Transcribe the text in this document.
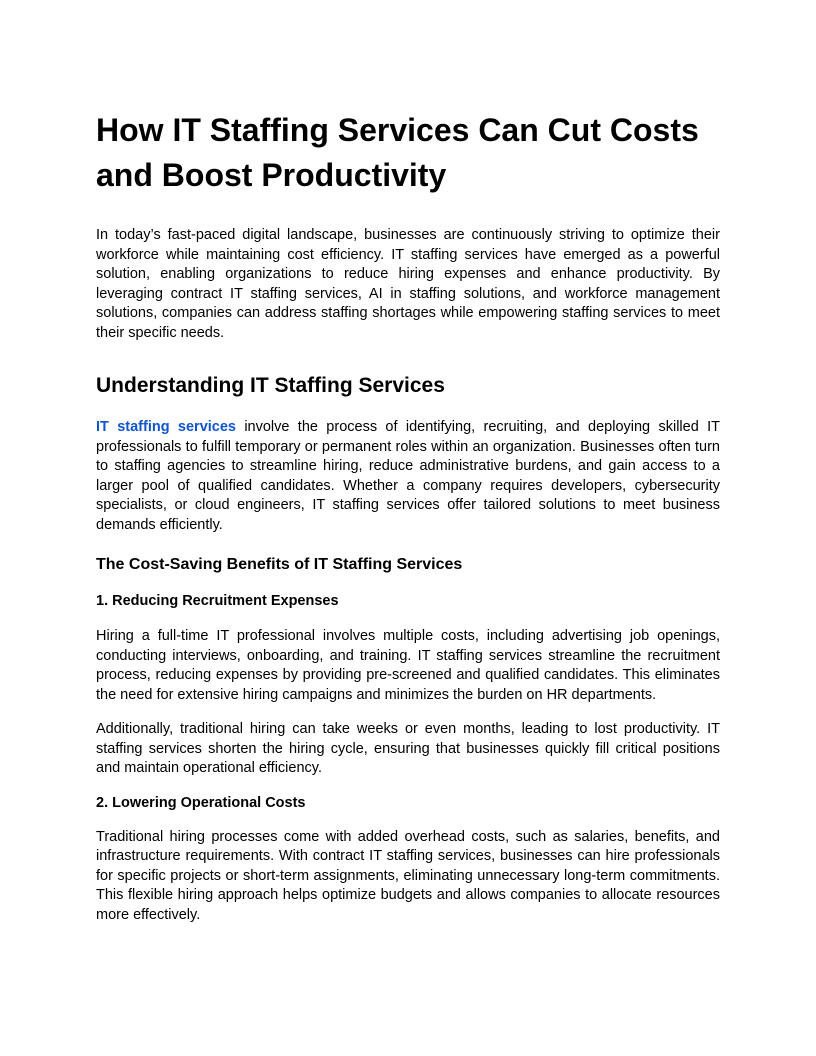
How IT Staffing Services Can Cut Costs and Boost Productivity

In today’s fast-paced digital landscape, businesses are continuously striving to optimize their workforce while maintaining cost efficiency. IT staffing services have emerged as a powerful solution, enabling organizations to reduce hiring expenses and enhance productivity. By leveraging contract IT staffing services, AI in staffing solutions, and workforce management solutions, companies can address staffing shortages while empowering staffing services to meet their specific needs.

Understanding IT Staffing Services

IT staffing services involve the process of identifying, recruiting, and deploying skilled IT professionals to fulfill temporary or permanent roles within an organization. Businesses often turn to staffing agencies to streamline hiring, reduce administrative burdens, and gain access to a larger pool of qualified candidates. Whether a company requires developers, cybersecurity specialists, or cloud engineers, IT staffing services offer tailored solutions to meet business demands efficiently.

The Cost-Saving Benefits of IT Staffing Services
1. Reducing Recruitment Expenses

Hiring a full-time IT professional involves multiple costs, including advertising job openings, conducting interviews, onboarding, and training. IT staffing services streamline the recruitment process, reducing expenses by providing pre-screened and qualified candidates. This eliminates the need for extensive hiring campaigns and minimizes the burden on HR departments.

Additionally, traditional hiring can take weeks or even months, leading to lost productivity. IT staffing services shorten the hiring cycle, ensuring that businesses quickly fill critical positions and maintain operational efficiency.

2. Lowering Operational Costs

Traditional hiring processes come with added overhead costs, such as salaries, benefits, and infrastructure requirements. With contract IT staffing services, businesses can hire professionals for specific projects or short-term assignments, eliminating unnecessary long-term commitments. This flexible hiring approach helps optimize budgets and allows companies to allocate resources more effectively.
